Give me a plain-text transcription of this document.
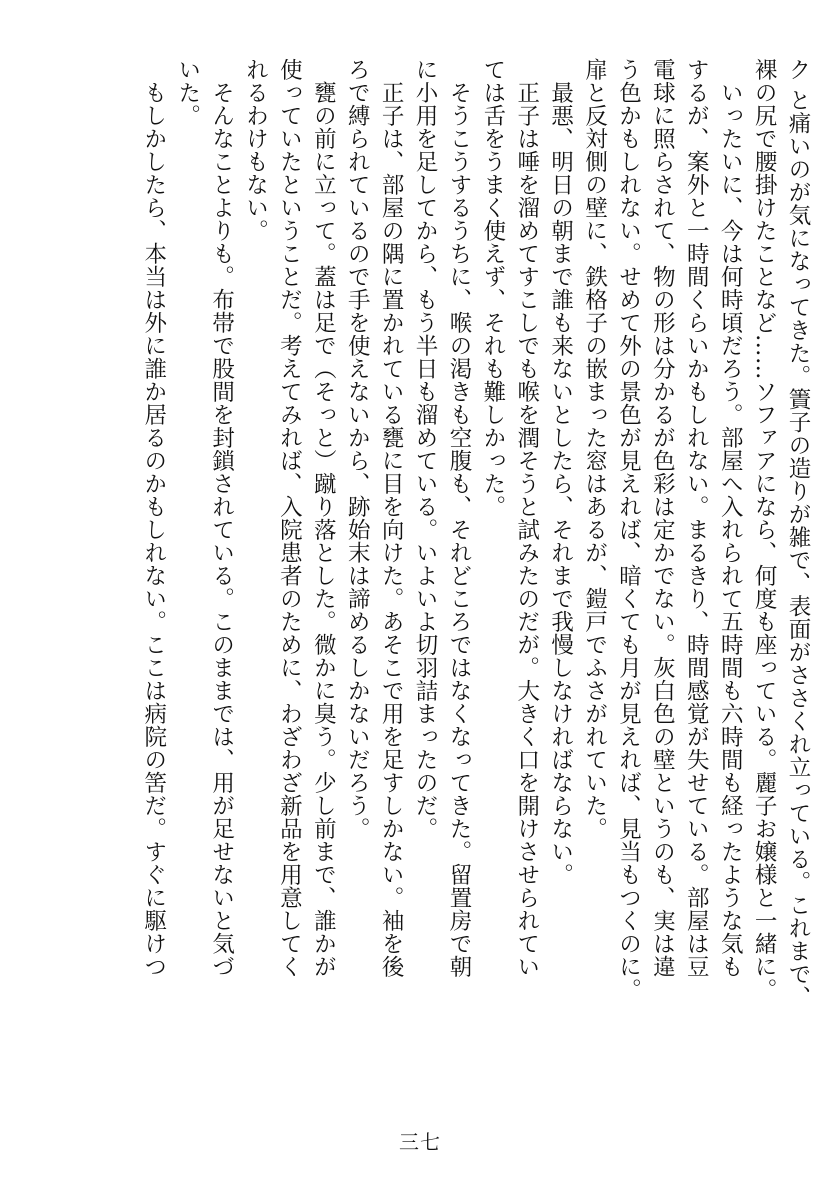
ク と痛いのが気になってきた。簀子の造りが雑で、表面がささくれ立っている。これまで、

裸の尻で腰掛けたことなど……ソファアになら、何度も座っている。麗子お嬢様と一緒に。

　いったいに、今は何時頃だろう。部屋へ入れられて五時間も六時間も経ったような気も

するが、案外と一時間くらいかもしれない。まるきり、時間感覚が失せている。部屋は豆

電球に照らされて、物の形は分かるが色彩は定かでない。灰白色の壁というのも、実は違

う色かもしれない。せめて外の景色が見えれば、暗くても月が見えれば、見当もつくのに。

扉と反対側の壁に、鉄格子の嵌まった窓はあるが、鎧戸でふさがれていた。

　最悪、明日の朝まで誰も来ないとしたら、それまで我慢しなければならない。

　正子は唾を溜めてすこしでも喉を潤そうと試みたのだが。大きく口を開けさせられてい

ては舌をうまく使えず、それも難しかった。

　そうこうするうちに、喉の渇きも空腹も、それどころではなくなってきた。留置房で朝

に小用を足してから、もう半日も溜めている。いよいよ切羽詰まったのだ。

　正子は、部屋の隅に置かれている甕に目を向けた。あそこで用を足すしかない。袖を後

ろで縛られているので手を使えないから、跡始末は諦めるしかないだろう。

　甕の前に立って。蓋は足で（そっと）蹴り落とした。微かに臭う。少し前まで、誰かが

使っていたということだ。考えてみれば、入院患者のために、わざわざ新品を用意してく

れるわけもない。

　そんなことよりも。布帯で股間を封鎖されている。このままでは、用が足せないと気づ

いた。

　もしかしたら、本当は外に誰か居るのかもしれない。ここは病院の筈だ。すぐに駆けつ

三七
